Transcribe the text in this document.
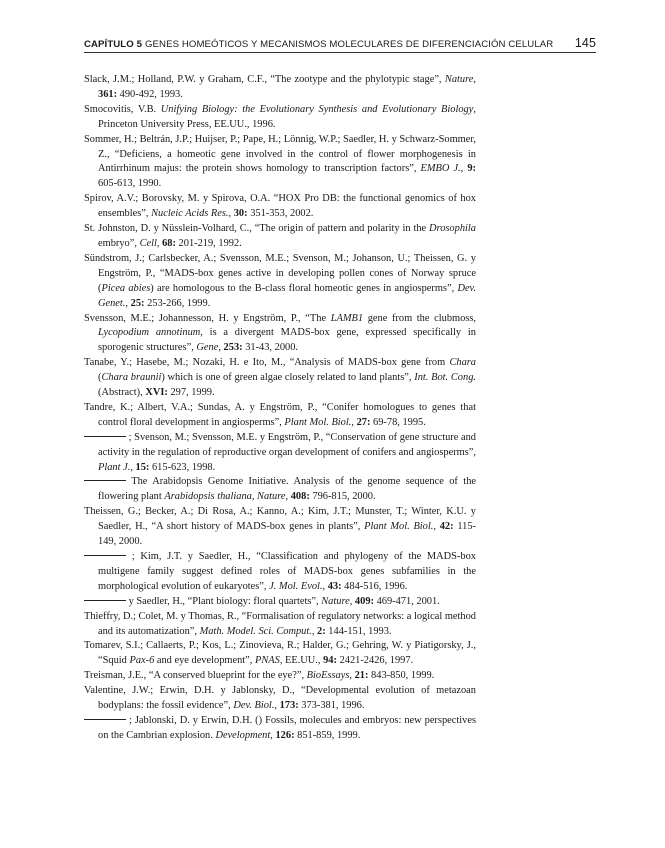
CAPÍTULO 5 GENES HOMEÓTICOS Y MECANISMOS MOLECULARES DE DIFERENCIACIÓN CELULAR 145

Slack, J.M.; Holland, P.W. y Graham, C.F., “The zootype and the phylotypic stage”, Nature, 361: 490-492, 1993.

Smocovitis, V.B. Unifying Biology: the Evolutionary Synthesis and Evolutionary Biology, Princeton University Press, EE.UU., 1996.

Sommer, H.; Beltrán, J.P.; Huijser, P.; Pape, H.; Lönnig, W.P.; Saedler, H. y Schwarz-Sommer, Z., “Deficiens, a homeotic gene involved in the control of flower morphogenesis in Antirrhinum majus: the protein shows homology to transcription factors”, EMBO J., 9: 605-613, 1990.

Spirov, A.V.; Borovsky, M. y Spirova, O.A. “HOX Pro DB: the functional genomics of hox ensembles”, Nucleic Acids Res., 30: 351-353, 2002.

St. Johnston, D. y Nüsslein-Volhard, C., “The origin of pattern and polarity in the Drosophila embryo”, Cell, 68: 201-219, 1992.

Sündstrom, J.; Carlsbecker, A.; Svensson, M.E.; Svenson, M.; Johanson, U.; Theissen, G. y Engström, P., “MADS-box genes active in developing pollen cones of Norway spruce (Picea abies) are homologous to the B-class floral homeotic genes in angiosperms”, Dev. Genet., 25: 253-266, 1999.

Svensson, M.E.; Johannesson, H. y Engström, P., “The LAMB1 gene from the clubmoss, Lycopodium annotinum, is a divergent MADS-box gene, expressed specifically in sporogenic structures”, Gene, 253: 31-43, 2000.

Tanabe, Y.; Hasebe, M.; Nozaki, H. e Ito, M., “Analysis of MADS-box gene from Chara (Chara braunii) which is one of green algae closely related to land plants”, Int. Bot. Cong. (Abstract), XVI: 297, 1999.

Tandre, K.; Albert, V.A.; Sundas, A. y Engström, P., “Conifer homologues to genes that control floral development in angiosperms”, Plant Mol. Biol., 27: 69-78, 1995.

; Svenson, M.; Svensson, M.E. y Engström, P., “Conservation of gene structure and activity in the regulation of reproductive organ development of conifers and angiosperms”, Plant J., 15: 615-623, 1998.

The Arabidopsis Genome Initiative. Analysis of the genome sequence of the flowering plant Arabidopsis thaliana, Nature, 408: 796-815, 2000.

Theissen, G.; Becker, A.; Di Rosa, A.; Kanno, A.; Kim, J.T.; Munster, T.; Winter, K.U. y Saedler, H., “A short history of MADS-box genes in plants”, Plant Mol. Biol., 42: 115-149, 2000.

; Kim, J.T. y Saedler, H., “Classification and phylogeny of the MADS-box multigene family suggest defined roles of MADS-box genes subfamilies in the morphological evolution of eukaryotes”, J. Mol. Evol., 43: 484-516, 1996.

y Saedler, H., “Plant biology: floral quartets”, Nature, 409: 469-471, 2001.

Thieffry, D.; Colet, M. y Thomas, R., “Formalisation of regulatory networks: a logical method and its automatization”, Math. Model. Sci. Comput., 2: 144-151, 1993.

Tomarev, S.I.; Callaerts, P.; Kos, L.; Zinovieva, R.; Halder, G.; Gehring, W. y Piatigorsky, J., “Squid Pax-6 and eye development”, PNAS, EE.UU., 94: 2421-2426, 1997.

Treisman, J.E., “A conserved blueprint for the eye?”, BioEssays, 21: 843-850, 1999.

Valentine, J.W.; Erwin, D.H. y Jablonsky, D., “Developmental evolution of metazoan bodyplans: the fossil evidence”, Dev. Biol., 173: 373-381, 1996.

; Jablonski, D. y Erwin, D.H. () Fossils, molecules and embryos: new perspectives on the Cambrian explosion. Development, 126: 851-859, 1999.
